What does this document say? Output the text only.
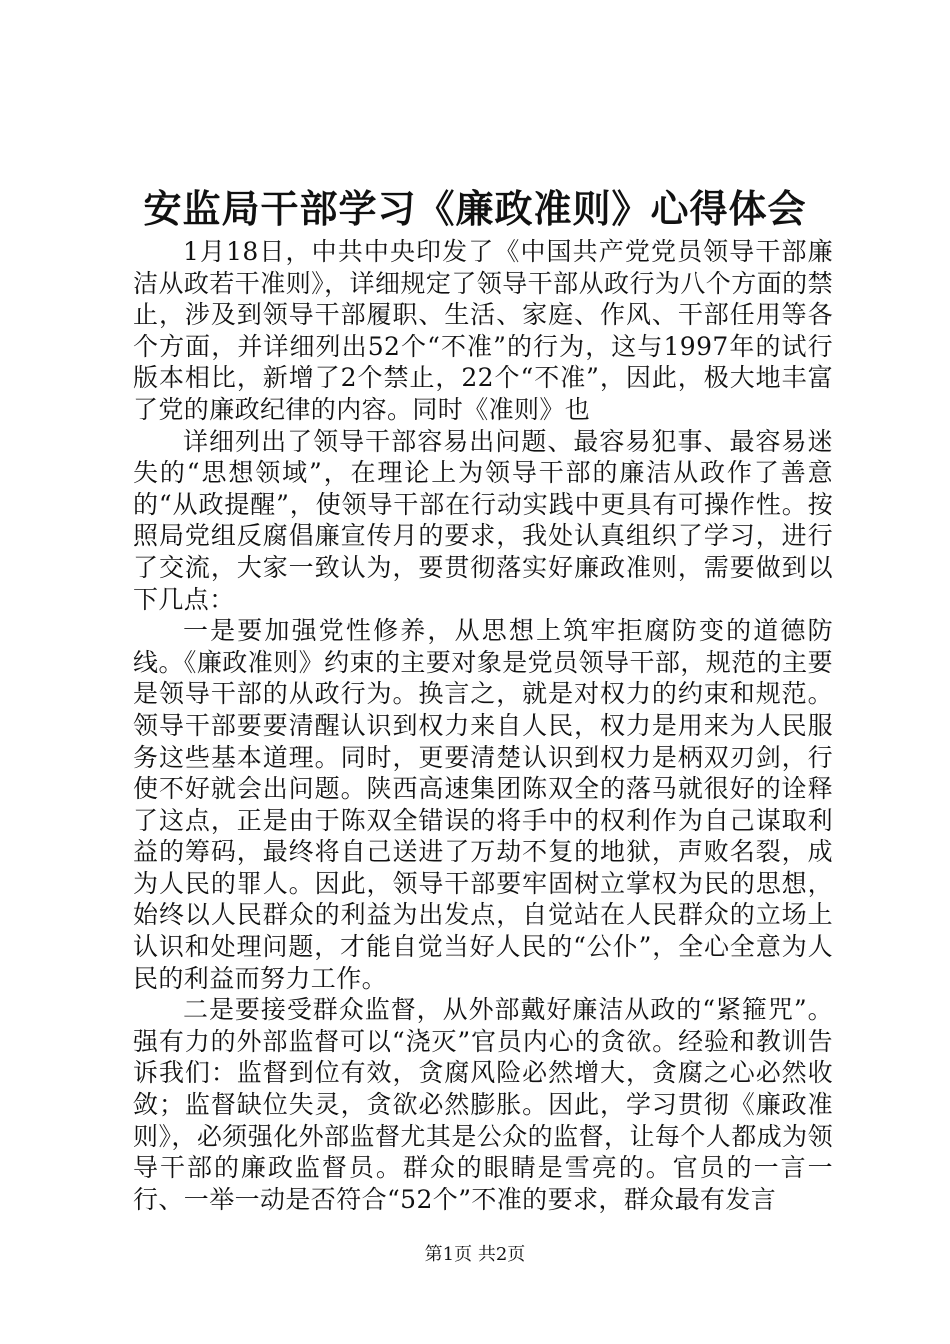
安监局干部学习《廉政准则》心得体会

1月18日，中共中央印发了《中国共产党党员领导干部廉洁从政若干准则》，详细规定了领导干部从政行为八个方面的禁止，涉及到领导干部履职、生活、家庭、作风、干部任用等各个方面，并详细列出52个“不准”的行为，这与1997年的试行版本相比，新增了2个禁止，22个“不准”，因此，极大地丰富了党的廉政纪律的内容。同时《准则》也

详细列出了领导干部容易出问题、最容易犯事、最容易迷失的“思想领域”，在理论上为领导干部的廉洁从政作了善意的“从政提醒”，使领导干部在行动实践中更具有可操作性。按照局党组反腐倡廉宣传月的要求，我处认真组织了学习，进行了交流，大家一致认为，要贯彻落实好廉政准则，需要做到以下几点：

一是要加强党性修养，从思想上筑牢拒腐防变的道德防线。《廉政准则》约束的主要对象是党员领导干部，规范的主要是领导干部的从政行为。换言之，就是对权力的约束和规范。领导干部要要清醒认识到权力来自人民，权力是用来为人民服务这些基本道理。同时，更要清楚认识到权力是柄双刃剑，行使不好就会出问题。陕西高速集团陈双全的落马就很好的诠释了这点，正是由于陈双全错误的将手中的权利作为自己谋取利益的筹码，最终将自己送进了万劫不复的地狱，声败名裂，成为人民的罪人。因此，领导干部要牢固树立掌权为民的思想，始终以人民群众的利益为出发点，自觉站在人民群众的立场上认识和处理问题，才能自觉当好人民的“公仆”，全心全意为人民的利益而努力工作。

二是要接受群众监督，从外部戴好廉洁从政的“紧箍咒”。强有力的外部监督可以“浇灭”官员内心的贪欲。经验和教训告诉我们：监督到位有效，贪腐风险必然增大，贪腐之心必然收敛；监督缺位失灵，贪欲必然膨胀。因此，学习贯彻《廉政准则》，必须强化外部监督尤其是公众的监督，让每个人都成为领导干部的廉政监督员。群众的眼睛是雪亮的。官员的一言一行、一举一动是否符合“52个”不准的要求，群众最有发言

第1页 共2页
